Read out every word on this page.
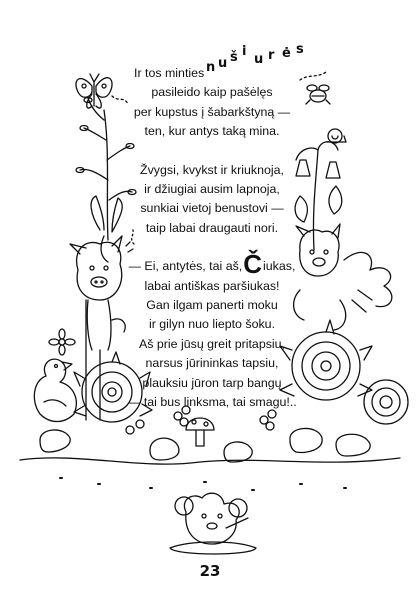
n u š i
u r ė s
Ir tos minties
pasileido kaip pašėlęs
per kupstus į šabarkštyną —
ten, kur antys taką mina.
Žvygsi, kvykst ir kriuknoja,
ir džiugiai ausim lapnoja,
sunkiai vietoj benustovi —
taip labai draugauti nori.
— Ei, antytės, tai aš,Čiukas,
labai antiškas paršiukas!
Gan ilgam panerti moku
ir gilyn nuo liepto šoku.
Aš prie jūsų greit pritapsiu,
narsus jūrininkas tapsiu,
plauksiu jūron tarp bangų
— tai bus linksma, tai smagu!..
23
